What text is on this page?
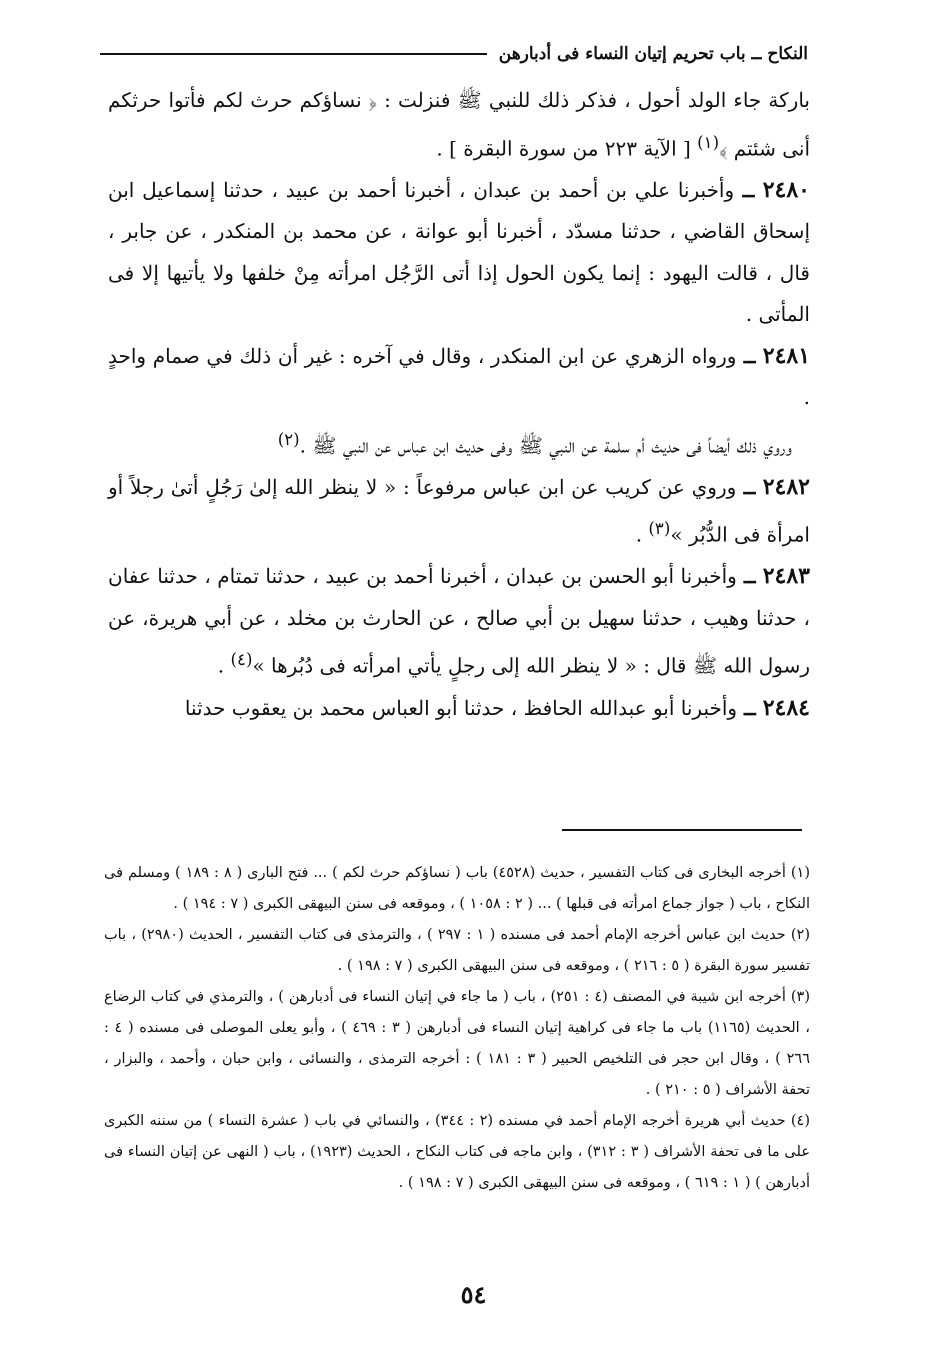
النكاح ــ باب تحريم إتيان النساء فى أدبارهن

باركة جاء الولد أحول ، فذكر ذلك للنبي ﷺ فنزلت : ﴿ نساؤكم حرث لكم فأتوا حرثكم أنى شئتم ﴾$^{(١)}$ [ الآية ٢٢٣ من سورة البقرة ] .

٢٤٨٠ ــ وأخبرنا علي بن أحمد بن عبدان ، أخبرنا أحمد بن عبيد ، حدثنا إسماعيل ابن إسحاق القاضي ، حدثنا مسدّد ، أخبرنا أبو عوانة ، عن محمد بن المنكدر ، عن جابر ، قال ، قالت اليهود : إنما يكون الحول إذا أتى الرَّجُل امرأته مِنْ خلفها ولا يأتيها إلا فى المأتى .

٢٤٨١ ــ ورواه الزهري عن ابن المنكدر ، وقال في آخره : غير أن ذلك في صمام واحدٍ .

وروي ذلك أيضاً فى حديث أم سلمة عن النبي ﷺ وفى حديث ابن عباس عن النبي ﷺ .$^{(٢)}$

٢٤٨٢ ــ وروي عن كريب عن ابن عباس مرفوعاً : « لا ينظر الله إلىٰ رَجُلٍ أتىٰ رجلاً أو امرأة فى الدُّبُر »$^{(٣)}$ .

٢٤٨٣ ــ وأخبرنا أبو الحسن بن عبدان ، أخبرنا أحمد بن عبيد ، حدثنا تمتام ، حدثنا عفان ، حدثنا وهيب ، حدثنا سهيل بن أبي صالح ، عن الحارث بن مخلد ، عن أبي هريرة، عن رسول الله ﷺ قال : « لا ينظر الله إلى رجلٍ يأتي امرأته فى دُبُرها »$^{(٤)}$ .

٢٤٨٤ ــ وأخبرنا أبو عبدالله الحافظ ، حدثنا أبو العباس محمد بن يعقوب حدثنا

(١) أخرجه البخارى فى كتاب التفسير ، حديث (٤٥٢٨) باب ( نساؤكم حرث لكم ) ... فتح البارى ( ٨ : ١٨٩ ) ومسلم فى النكاح ، باب ( جواز جماع امرأته فى قبلها ) ... ( ٢ : ١٠٥٨ ) ، وموقعه فى سنن البيهقى الكبرى ( ٧ : ١٩٤ ) .

(٢) حديث ابن عباس أخرجه الإمام أحمد فى مسنده ( ١ : ٢٩٧ ) ، والترمذى فى كتاب التفسير ، الحديث (٢٩٨٠) ، باب تفسير سورة البقرة ( ٥ : ٢١٦ ) ، وموقعه فى سنن البيهقى الكبرى ( ٧ : ١٩٨ ) .

(٣) أخرجه ابن شيبة في المصنف (٤ : ٢٥١) ، باب ( ما جاء في إتيان النساء فى أدبارهن ) ، والترمذي في كتاب الرضاع ، الحديث (١١٦٥) باب ما جاء فى كراهية إتيان النساء فى أدبارهن ( ٣ : ٤٦٩ ) ، وأبو يعلى الموصلى فى مسنده ( ٤ : ٢٦٦ ) ، وقال ابن حجر فى التلخيص الحبير ( ٣ : ١٨١ ) : أخرجه الترمذى ، والنسائى ، وابن حبان ، وأحمد ، والبزار ، تحفة الأشراف ( ٥ : ٢١٠ ) .

(٤) حديث أبي هريرة أخرجه الإمام أحمد في مسنده (٢ : ٣٤٤) ، والنسائي في باب ( عشرة النساء ) من سننه الكبرى على ما فى تحفة الأشراف ( ٣ : ٣١٢) ، وابن ماجه فى كتاب النكاح ، الحديث (١٩٢٣) ، باب ( النهى عن إتيان النساء فى أدبارهن ) ( ١ : ٦١٩ ) ، وموقعه فى سنن البيهقى الكبرى ( ٧ : ١٩٨ ) .

٥٤
